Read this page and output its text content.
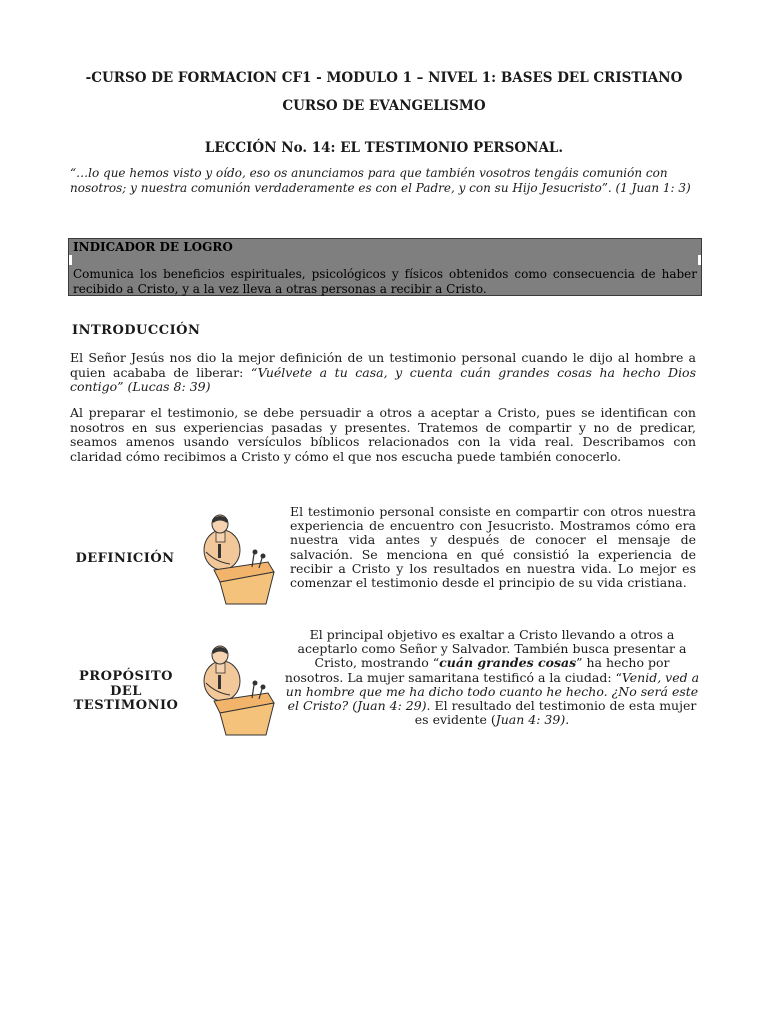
-CURSO DE FORMACION CF1 - MODULO 1 – NIVEL 1: BASES DEL CRISTIANO
CURSO DE EVANGELISMO
LECCIÓN No. 14: EL TESTIMONIO PERSONAL.
“…lo que hemos visto y oído, eso os anunciamos para que también vosotros tengáis comunión con nosotros; y nuestra comunión verdaderamente es con el Padre, y con su Hijo Jesucristo”. (1 Juan 1: 3)
INDICADOR DE LOGRO
Comunica los beneficios espirituales, psicológicos y físicos obtenidos como consecuencia de haber recibido a Cristo, y a la vez lleva a otras personas a recibir a Cristo.
INTRODUCCIÓN
El Señor Jesús nos dio la mejor definición de un testimonio personal cuando le dijo al hombre a quien acababa de liberar: “Vuélvete a tu casa, y cuenta cuán grandes cosas ha hecho Dios contigo” (Lucas 8: 39)
Al preparar el testimonio, se debe persuadir a otros a aceptar a Cristo, pues se identifican con nosotros en sus experiencias pasadas y presentes. Tratemos de compartir y no de predicar, seamos amenos usando versículos bíblicos relacionados con la vida real. Describamos con claridad cómo recibimos a Cristo y cómo el que nos escucha puede también conocerlo.
DEFINICIÓN
El testimonio personal consiste en compartir con otros nuestra experiencia de encuentro con Jesucristo. Mostramos cómo era nuestra vida antes y después de conocer el mensaje de salvación. Se menciona en qué consistió la experiencia de recibir a Cristo y los resultados en nuestra vida. Lo mejor es comenzar el testimonio desde el principio de su vida cristiana.
PROPÓSITO
DEL
TESTIMONIO
El principal objetivo es exaltar a Cristo llevando a otros a aceptarlo como Señor y Salvador. También busca presentar a Cristo, mostrando “cuán grandes cosas” ha hecho por nosotros. La mujer samaritana testificó a la ciudad: “Venid, ved a un hombre que me ha dicho todo cuanto he hecho. ¿No será este el Cristo? (Juan 4: 29). El resultado del testimonio de esta mujer es evidente (Juan 4: 39).
